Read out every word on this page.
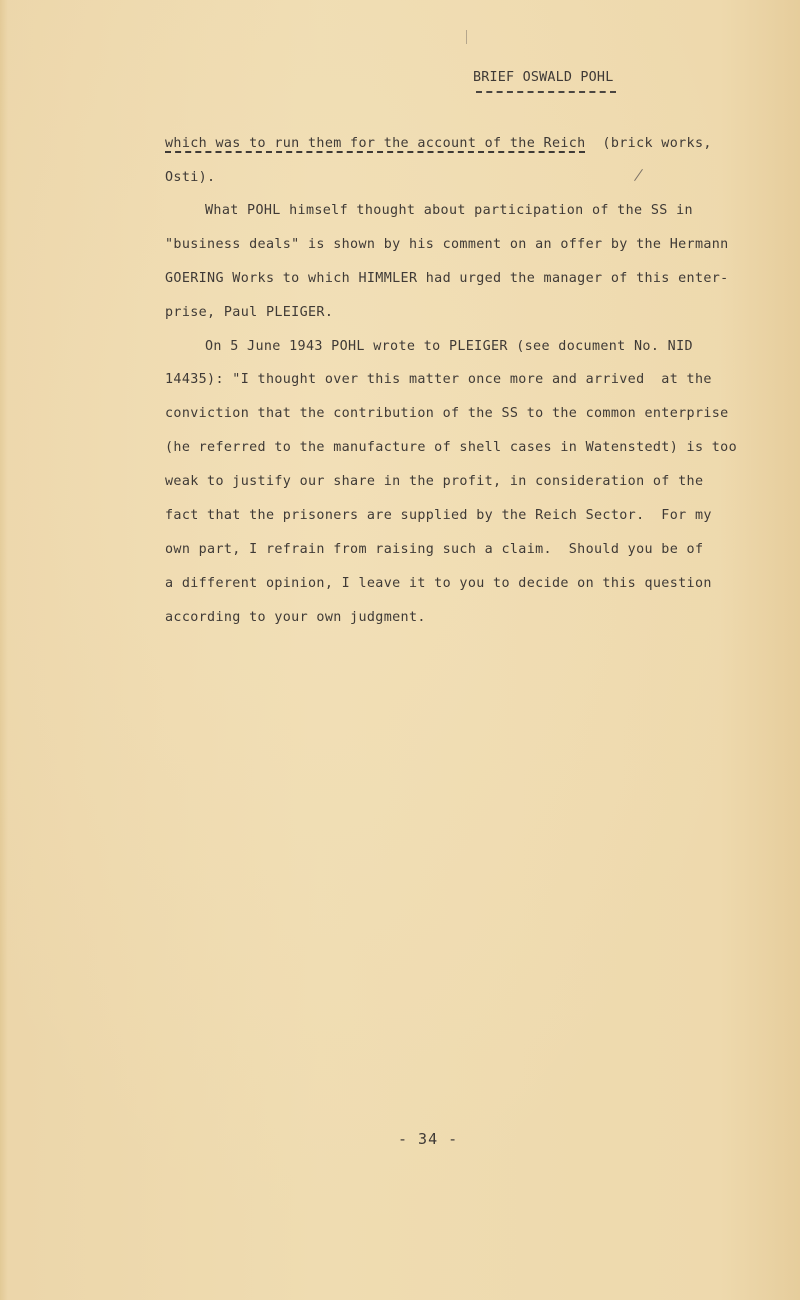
BRIEF OSWALD POHL
which was to run them for the account of the Reich  (brick works,
Osti).
What POHL himself thought about participation of the SS in
"business deals" is shown by his comment on an offer by the Hermann
GOERING Works to which HIMMLER had urged the manager of this enter-
prise, Paul PLEIGER.
On 5 June 1943 POHL wrote to PLEIGER (see document No. NID
14435): "I thought over this matter once more and arrived  at the
conviction that the contribution of the SS to the common enterprise
(he referred to the manufacture of shell cases in Watenstedt) is too
weak to justify our share in the profit, in consideration of the
fact that the prisoners are supplied by the Reich Sector.  For my
own part, I refrain from raising such a claim.  Should you be of
a different opinion, I leave it to you to decide on this question
according to your own judgment.
- 34 -
